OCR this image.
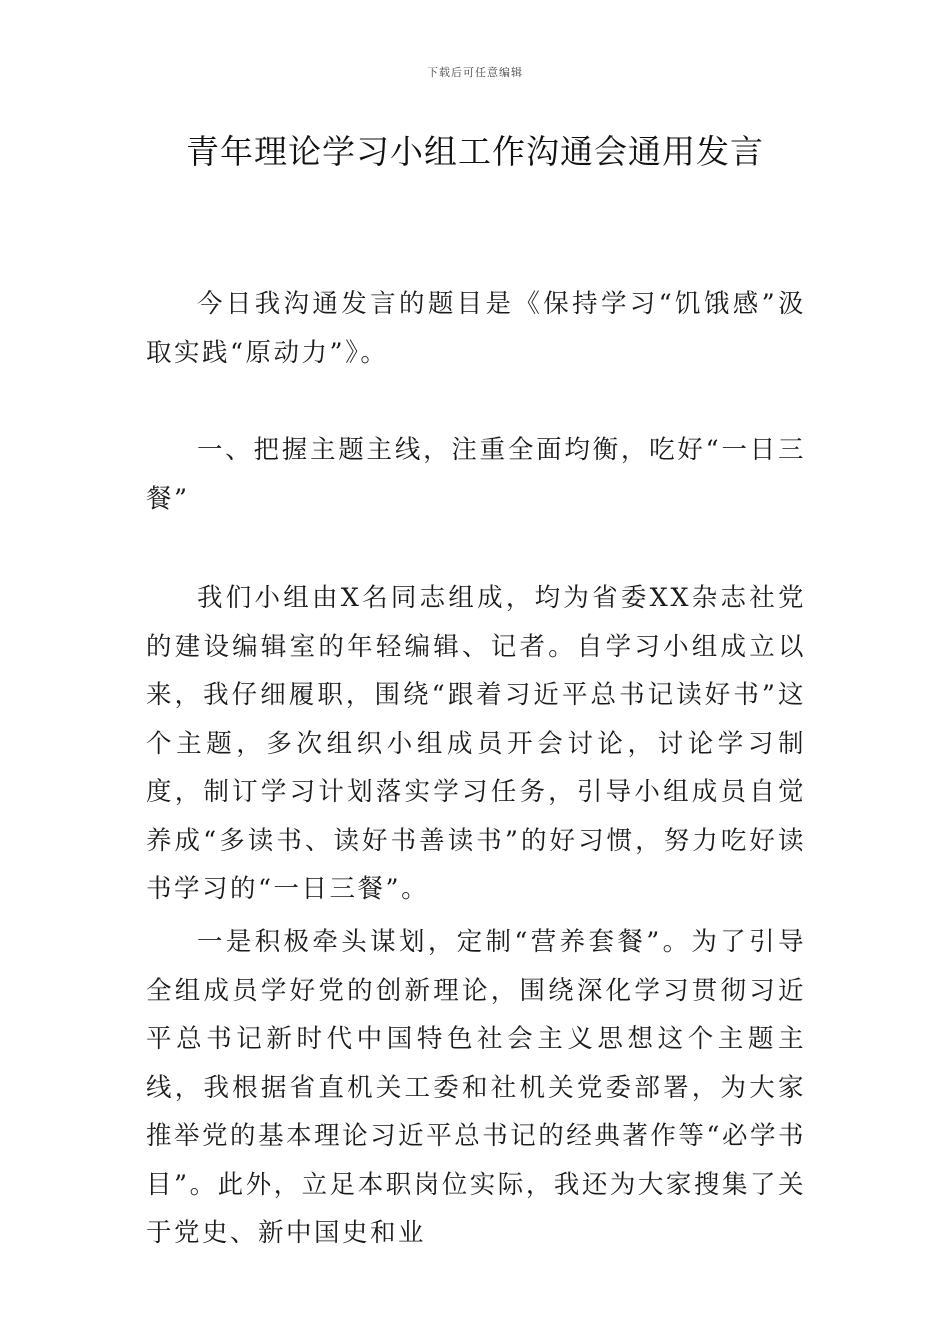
下载后可任意编辑
青年理论学习小组工作沟通会通用发言

今日我沟通发言的题目是《保持学习“饥饿感”汲取实践“原动力”》。

一、把握主题主线，注重全面均衡，吃好“一日三餐”

我们小组由X名同志组成，均为省委XX杂志社党的建设编辑室的年轻编辑、记者。自学习小组成立以来，我仔细履职，围绕“跟着习近平总书记读好书”这个主题，多次组织小组成员开会讨论，讨论学习制度，制订学习计划落实学习任务，引导小组成员自觉养成“多读书、读好书善读书”的好习惯，努力吃好读书学习的“一日三餐”。

一是积极牵头谋划，定制“营养套餐”。为了引导全组成员学好党的创新理论，围绕深化学习贯彻习近平总书记新时代中国特色社会主义思想这个主题主线，我根据省直机关工委和社机关党委部署，为大家推举党的基本理论习近平总书记的经典著作等“必学书目”。此外，立足本职岗位实际，我还为大家搜集了关于党史、新中国史和业
